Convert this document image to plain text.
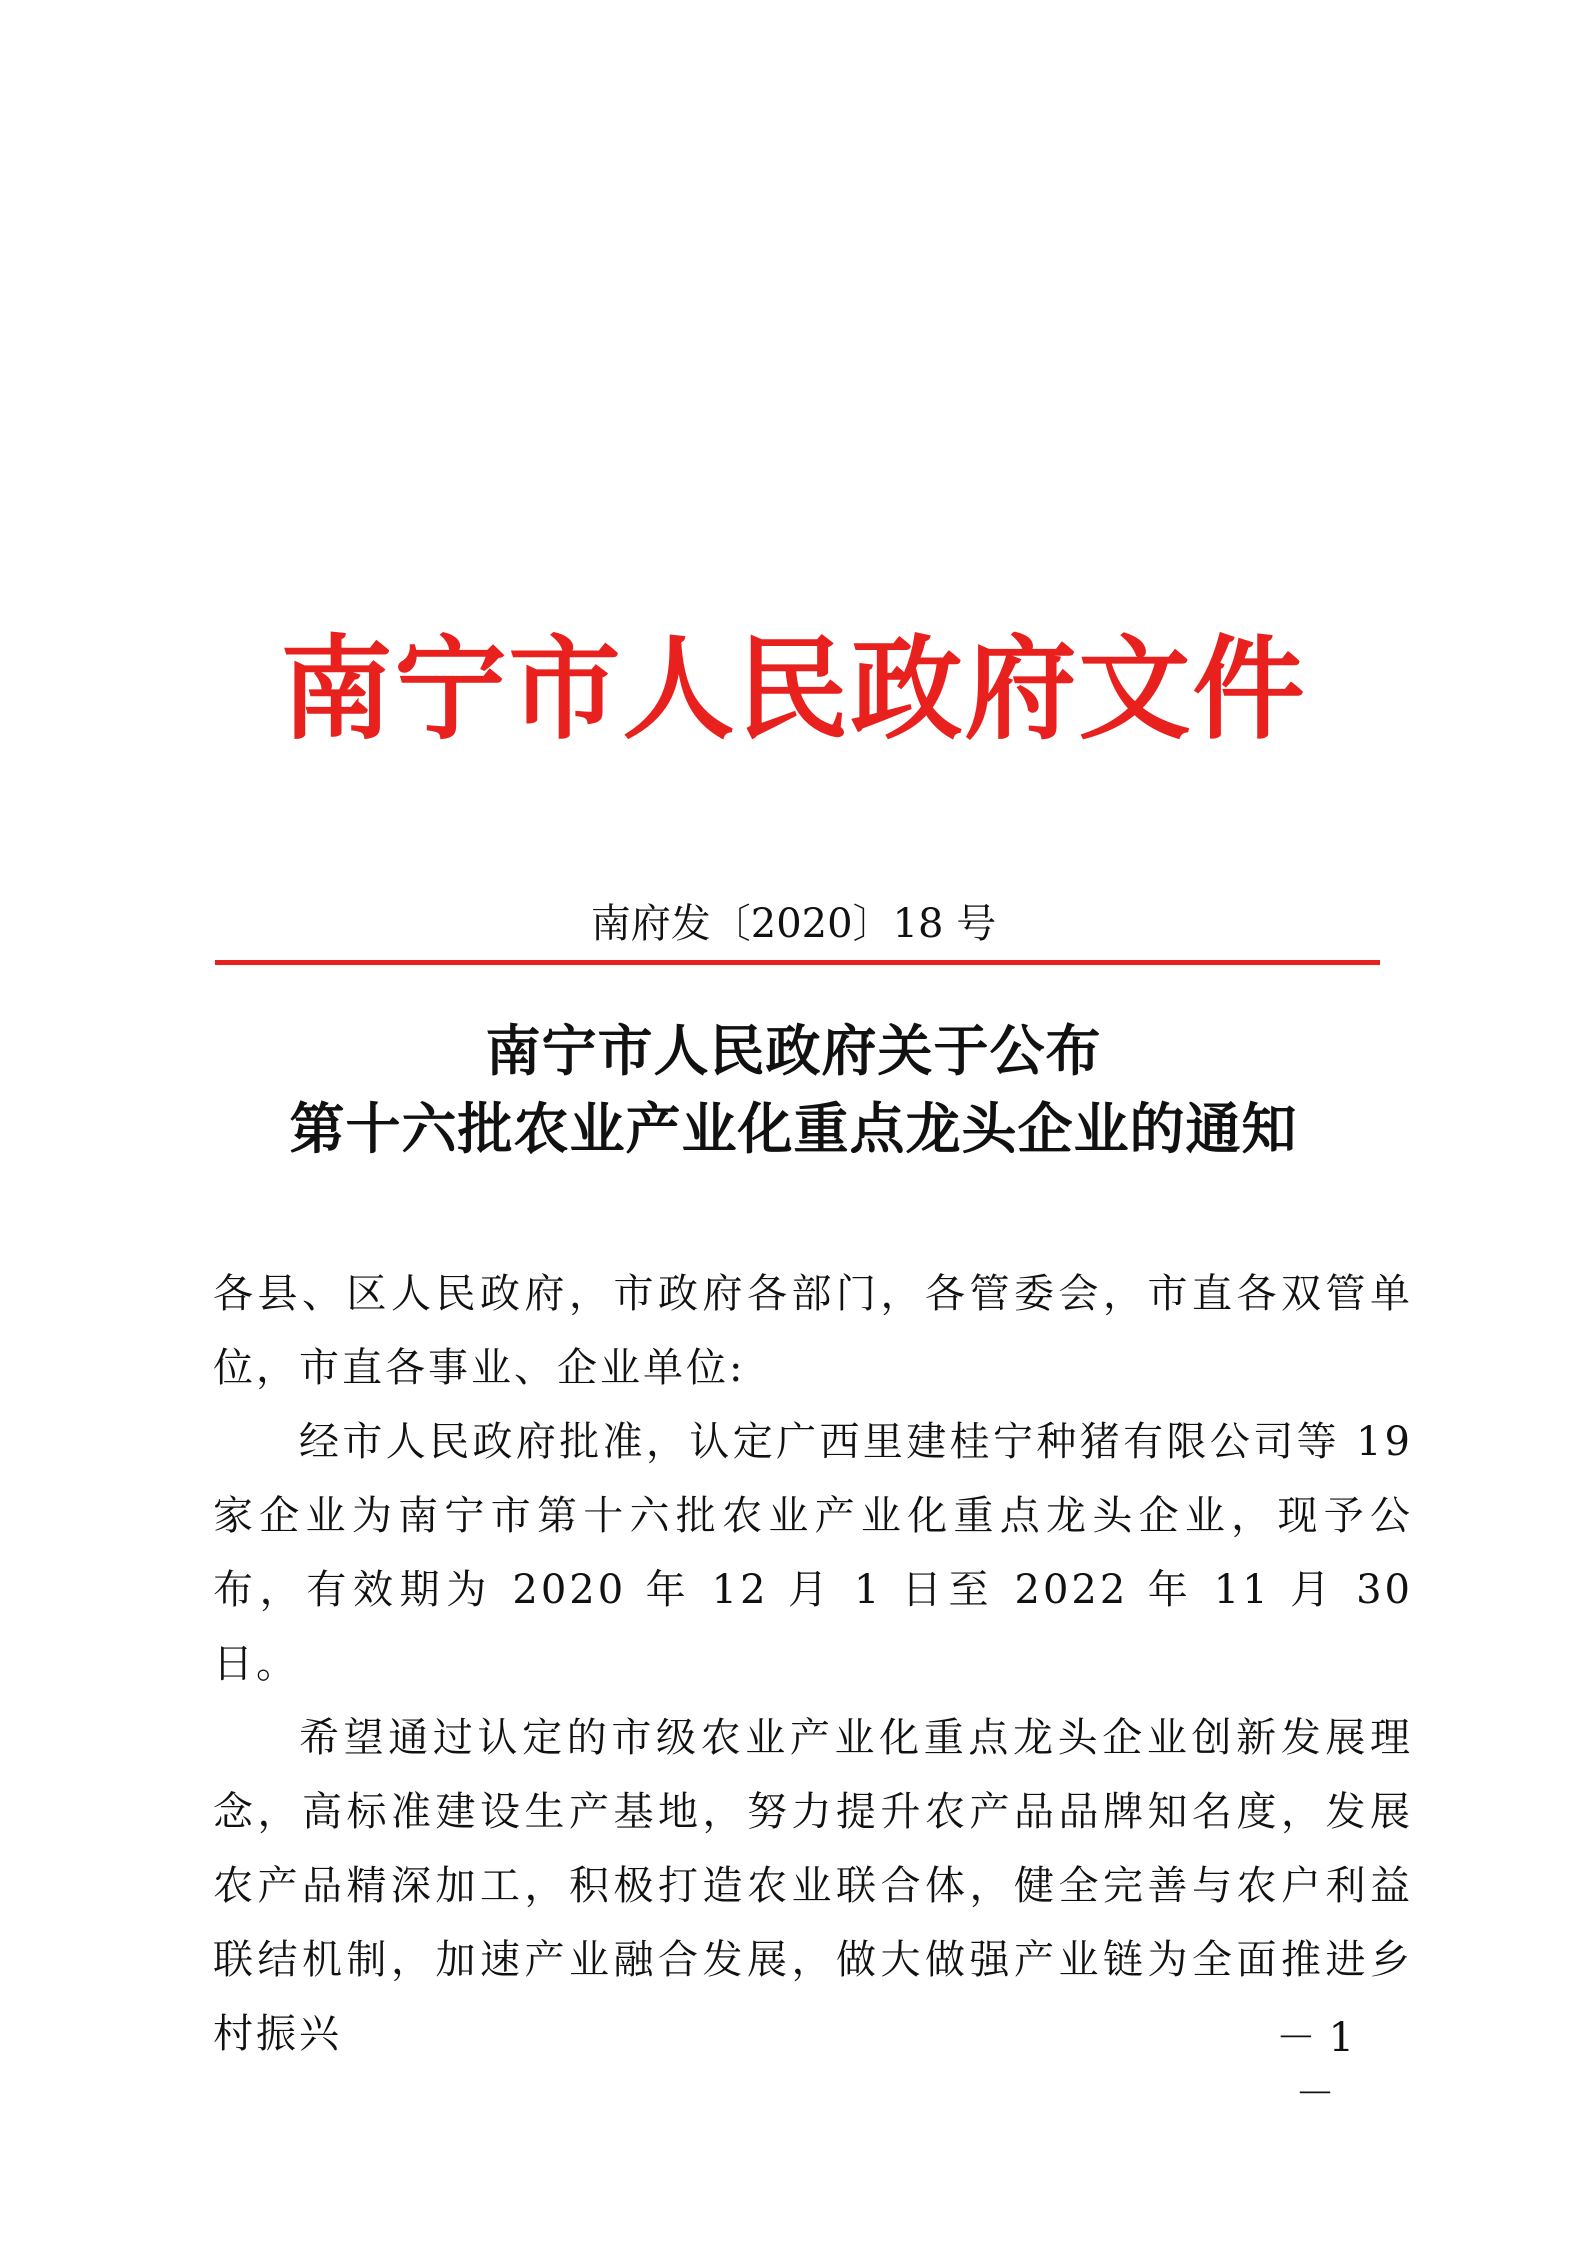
南宁市人民政府文件
南府发〔2020〕18 号
南宁市人民政府关于公布
第十六批农业产业化重点龙头企业的通知

各县、区人民政府，市政府各部门，各管委会，市直各双管单位，市直各事业、企业单位:

经市人民政府批准，认定广西里建桂宁种猪有限公司等 19 家企业为南宁市第十六批农业产业化重点龙头企业，现予公布，有效期为 2020 年 12 月 1 日至 2022 年 11 月 30 日。

希望通过认定的市级农业产业化重点龙头企业创新发展理念，高标准建设生产基地，努力提升农产品品牌知名度，发展农产品精深加工，积极打造农业联合体，健全完善与农户利益联结机制，加速产业融合发展，做大做强产业链为全面推进乡村振兴	－ 1 －
